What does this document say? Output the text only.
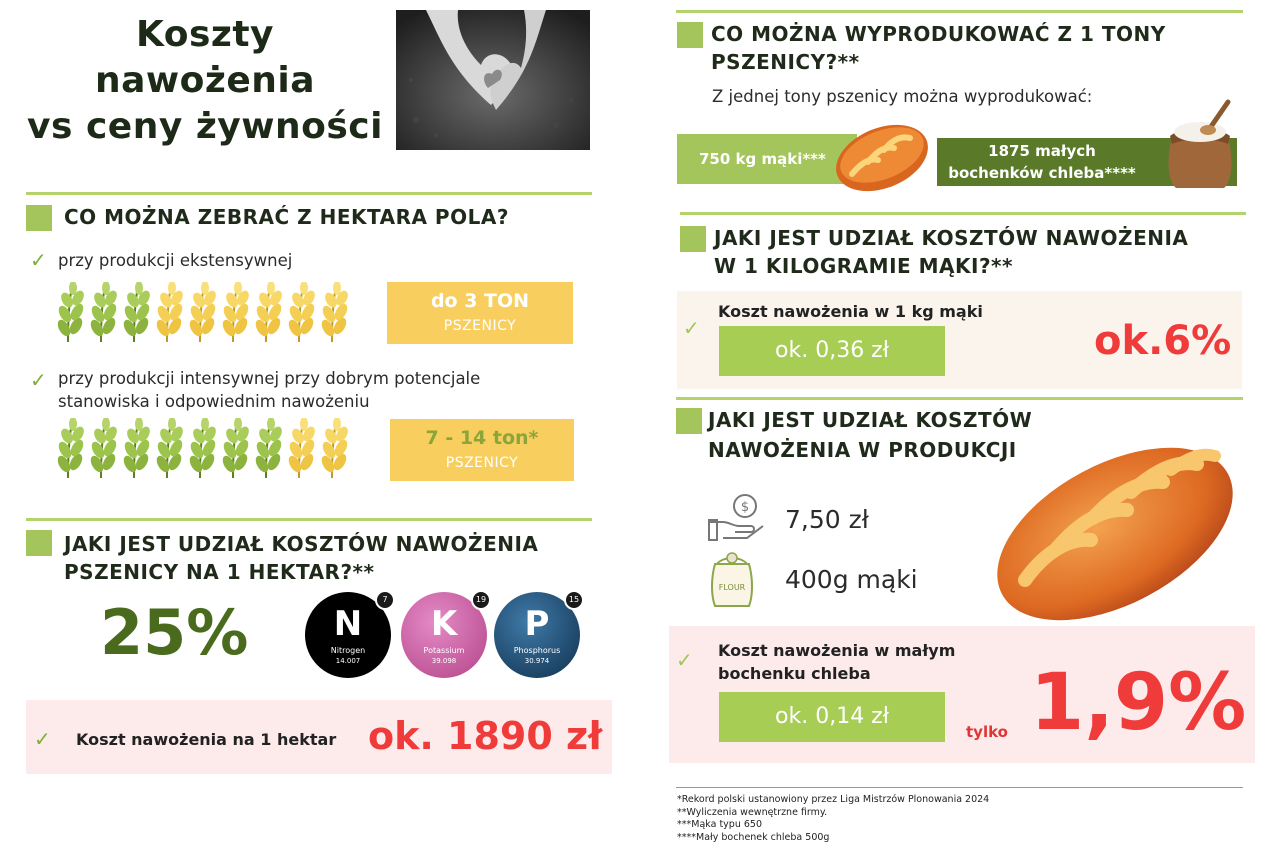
Koszty
nawożenia
vs ceny żywności
CO MOŻNA ZEBRAĆ Z HEKTARA POLA?
✓ przy produkcji ekstensywnej
do 3 TON
PSZENICY
✓ przy produkcji intensywnej przy dobrym potencjale
stanowiska i odpowiednim nawożeniu
7 - 14 ton*
PSZENICY
JAKI JEST UDZIAŁ KOSZTÓW NAWOŻENIA
PSZENICY NA 1 HEKTAR?**
25%	7
N
Nitrogen
14.007
19
K
Potassium
39.098
15
P
Phosphorus
30.974
✓ Koszt nawożenia na 1 hektar ok. 1890 zł
CO MOŻNA WYPRODUKOWAĆ Z 1 TONY
PSZENICY?**
Z jednej tony pszenicy można wyprodukować:
750 kg mąki***	1875 małych
bochenków chleba****
JAKI JEST UDZIAŁ KOSZTÓW NAWOŻENIA
W 1 KILOGRAMIE MĄKI?**
✓
Koszt nawożenia w 1 kg mąki
ok. 0,36 zł	ok.6%
JAKI JEST UDZIAŁ KOSZTÓW
NAWOŻENIA W PRODUKCJI
$ 7,50 zł
FLOUR 400g mąki
✓ Koszt nawożenia w małym
bochenku chleba
ok. 0,14 zł
tylko 1,9%
*Rekord polski ustanowiony przez Liga Mistrzów Plonowania 2024
**Wyliczenia wewnętrzne firmy.
***Mąka typu 650
****Mały bochenek chleba 500g
